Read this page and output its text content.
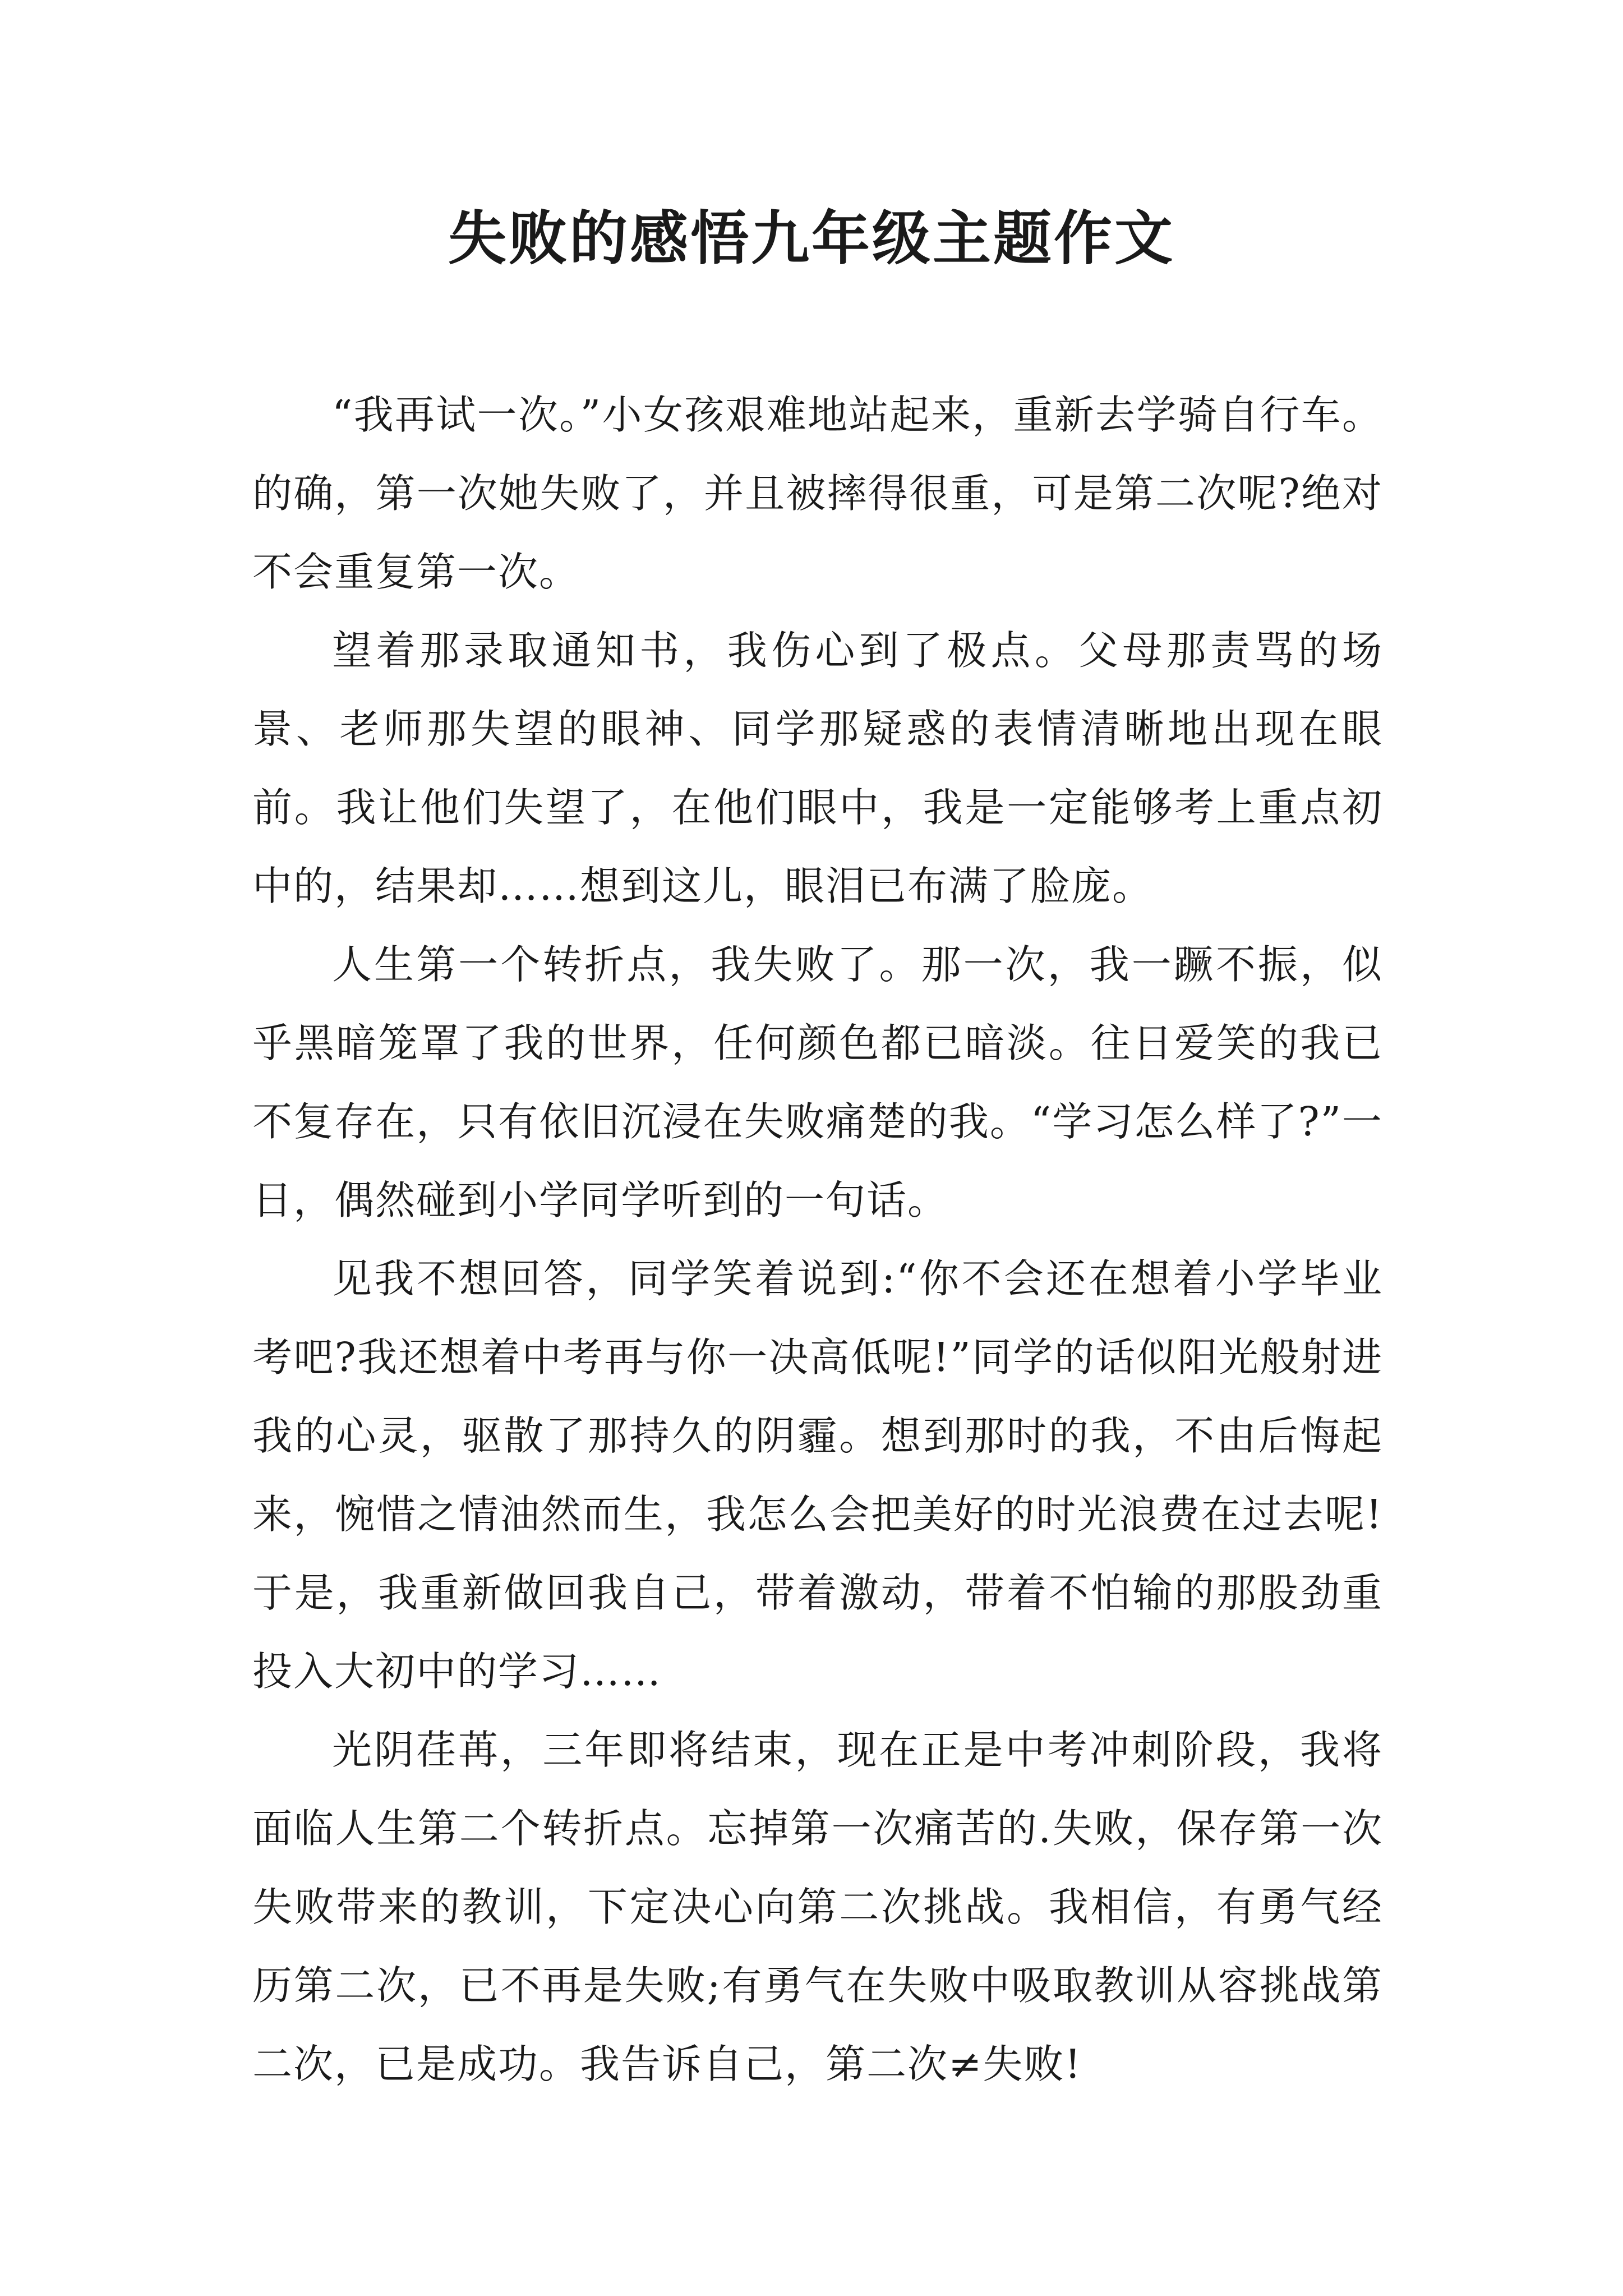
失败的感悟九年级主题作文

“我再试一次。”小女孩艰难地站起来，重新去学骑自行车。的确，第一次她失败了，并且被摔得很重，可是第二次呢?绝对不会重复第一次。

望着那录取通知书，我伤心到了极点。父母那责骂的场景、老师那失望的眼神、同学那疑惑的表情清晰地出现在眼前。我让他们失望了，在他们眼中，我是一定能够考上重点初中的，结果却……想到这儿，眼泪已布满了脸庞。

人生第一个转折点，我失败了。那一次，我一蹶不振，似乎黑暗笼罩了我的世界，任何颜色都已暗淡。往日爱笑的我已不复存在，只有依旧沉浸在失败痛楚的我。“学习怎么样了?”一日，偶然碰到小学同学听到的一句话。

见我不想回答，同学笑着说到:“你不会还在想着小学毕业考吧?我还想着中考再与你一决高低呢!”同学的话似阳光般射进我的心灵，驱散了那持久的阴霾。想到那时的我，不由后悔起来，惋惜之情油然而生，我怎么会把美好的时光浪费在过去呢!于是，我重新做回我自己，带着激动，带着不怕输的那股劲重投入大初中的学习……

光阴荏苒，三年即将结束，现在正是中考冲刺阶段，我将面临人生第二个转折点。忘掉第一次痛苦的.失败，保存第一次失败带来的教训，下定决心向第二次挑战。我相信，有勇气经历第二次，已不再是失败;有勇气在失败中吸取教训从容挑战第二次，已是成功。我告诉自己，第二次≠失败!
